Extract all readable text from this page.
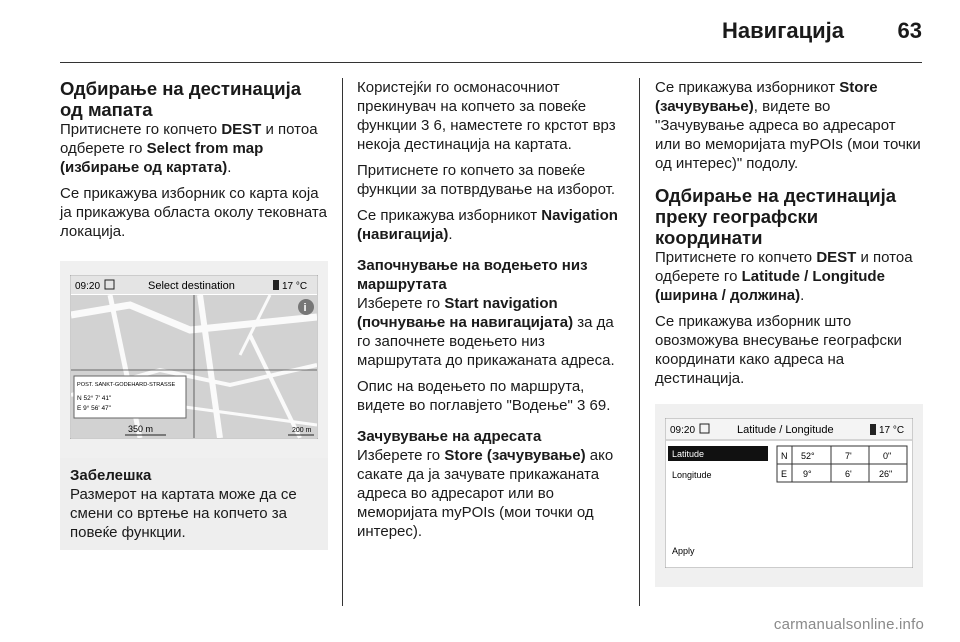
Навигација 63
Одбирање на дестинација од мапата

Притиснете го копчето DEST и потоа одберете го Select from map (избирање од картата).

Се прикажува изборник со карта која ја прикажува областа околу тековната локација.

09:20	Select destination	17 °C
i
POST. SANKT-GODEHARD-STRASSE
N 52° 7' 41"
E 9° 56' 47"
350 m	200 m
Забелешка
Размерот на картата може да се смени со вртење на копчето за повеќе функции.

Користејќи го осмонасочниот прекинувач на копчето за повеќе функции 3 6, наместете го крстот врз некоја дестинација на картата.

Притиснете го копчето за повеќе функции за потврдување на изборот.

Се прикажува изборникот Navigation (навигација).

Започнување на водењето низ маршрутата

Изберете го Start navigation (почнување на навигацијата) за да го започнете водењето низ маршрутата до прикажаната адреса.

Опис на водењето по маршрута, видете во поглавјето "Водење" 3 69.

Зачувување на адресата

Изберете го Store (зачувување) ако сакате да ја зачувате прикажаната адреса во адресарот или во меморијата myPOIs (мои точки од интерес).

Се прикажува изборникот Store (зачувување), видете во "Зачувување адреса во адресарот или во меморијата myPOIs (мои точки од интерес)" подолу.

Одбирање на дестинација преку географски координати

Притиснете го копчето DEST и потоа одберете го Latitude / Longitude (ширина / должина).

Се прикажува изборник што овозможува внесување географски координати како адреса на дестинација.

09:20	Latitude / Longitude	17 °C
Latitude
Longitude
Apply
N 52°	7'	0"
E 9°	6'	26"
carmanualsonline.info
